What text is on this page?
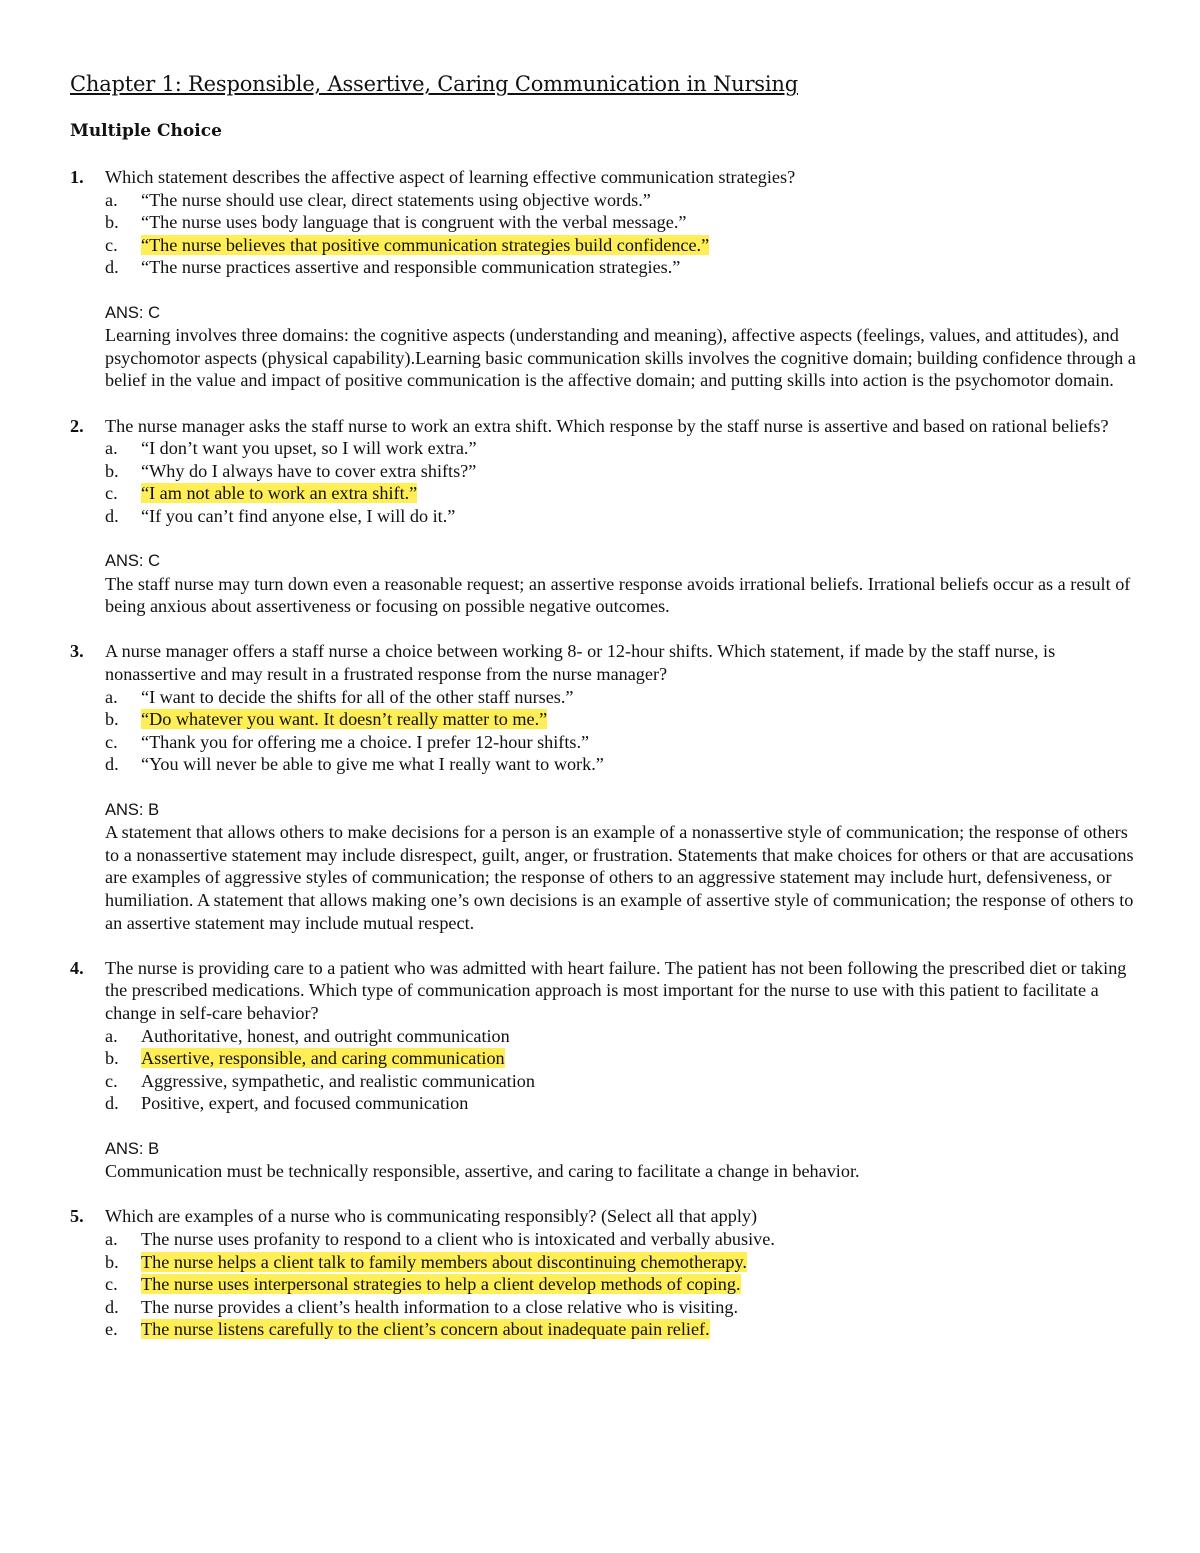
Chapter 1: Responsible, Assertive, Caring Communication in Nursing
Multiple Choice
1. Which statement describes the affective aspect of learning effective communication strategies?

a. “The nurse should use clear, direct statements using objective words.”
b. “The nurse uses body language that is congruent with the verbal message.”
c. “The nurse believes that positive communication strategies build confidence.”
d. “The nurse practices assertive and responsible communication strategies.”
ANS: C

Learning involves three domains: the cognitive aspects (understanding and meaning), affective aspects (feelings, values, and attitudes), and psychomotor aspects (physical capability).Learning basic communication skills involves the cognitive domain; building confidence through a belief in the value and impact of positive communication is the affective domain; and putting skills into action is the psychomotor domain.

2. The nurse manager asks the staff nurse to work an extra shift. Which response by the staff nurse is assertive and based on rational beliefs?

a. “I don’t want you upset, so I will work extra.”
b. “Why do I always have to cover extra shifts?”
c. “I am not able to work an extra shift.”
d. “If you can’t find anyone else, I will do it.”
ANS: C

The staff nurse may turn down even a reasonable request; an assertive response avoids irrational beliefs. Irrational beliefs occur as a result of being anxious about assertiveness or focusing on possible negative outcomes.

3. A nurse manager offers a staff nurse a choice between working 8- or 12-hour shifts. Which statement, if made by the staff nurse, is nonassertive and may result in a frustrated response from the nurse manager?

a. “I want to decide the shifts for all of the other staff nurses.”
b. “Do whatever you want. It doesn’t really matter to me.”
c. “Thank you for offering me a choice. I prefer 12-hour shifts.”
d. “You will never be able to give me what I really want to work.”
ANS: B

A statement that allows others to make decisions for a person is an example of a nonassertive style of communication; the response of others to a nonassertive statement may include disrespect, guilt, anger, or frustration. Statements that make choices for others or that are accusations are examples of aggressive styles of communication; the response of others to an aggressive statement may include hurt, defensiveness, or humiliation. A statement that allows making one’s own decisions is an example of assertive style of communication; the response of others to an assertive statement may include mutual respect.

4. The nurse is providing care to a patient who was admitted with heart failure. The patient has not been following the prescribed diet or taking the prescribed medications. Which type of communication approach is most important for the nurse to use with this patient to facilitate a change in self-care behavior?

a. Authoritative, honest, and outright communication
b. Assertive, responsible, and caring communication
c. Aggressive, sympathetic, and realistic communication
d. Positive, expert, and focused communication
ANS: B

Communication must be technically responsible, assertive, and caring to facilitate a change in behavior.

5. Which are examples of a nurse who is communicating responsibly? (Select all that apply)

a. The nurse uses profanity to respond to a client who is intoxicated and verbally abusive.
b. The nurse helps a client talk to family members about discontinuing chemotherapy.
c. The nurse uses interpersonal strategies to help a client develop methods of coping.
d. The nurse provides a client’s health information to a close relative who is visiting.
e. The nurse listens carefully to the client’s concern about inadequate pain relief.
